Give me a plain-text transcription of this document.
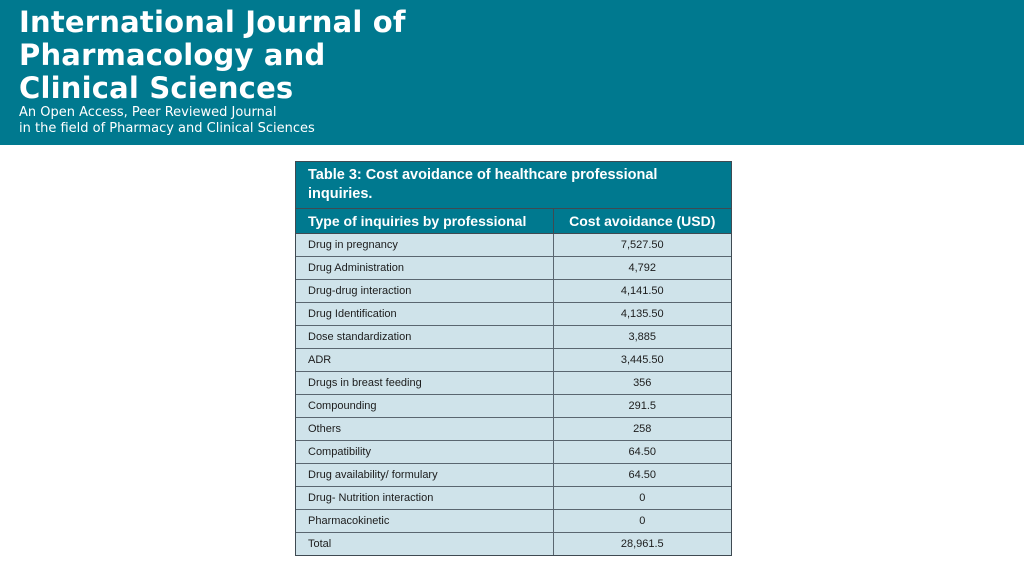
International Journal of
Pharmacology and
Clinical Sciences
An Open Access, Peer Reviewed Journal
in the field of Pharmacy and Clinical Sciences
Table 3: Cost avoidance of healthcare professional inquiries.
Type of inquiries by professional	Cost avoidance (USD)
Drug in pregnancy	7,527.50
Drug Administration	4,792
Drug-drug interaction	4,141.50
Drug Identification	4,135.50
Dose standardization	3,885
ADR	3,445.50
Drugs in breast feeding	356
Compounding	291.5
Others	258
Compatibility	64.50
Drug availability/ formulary	64.50
Drug- Nutrition interaction	0
Pharmacokinetic	0
Total	28,961.5
